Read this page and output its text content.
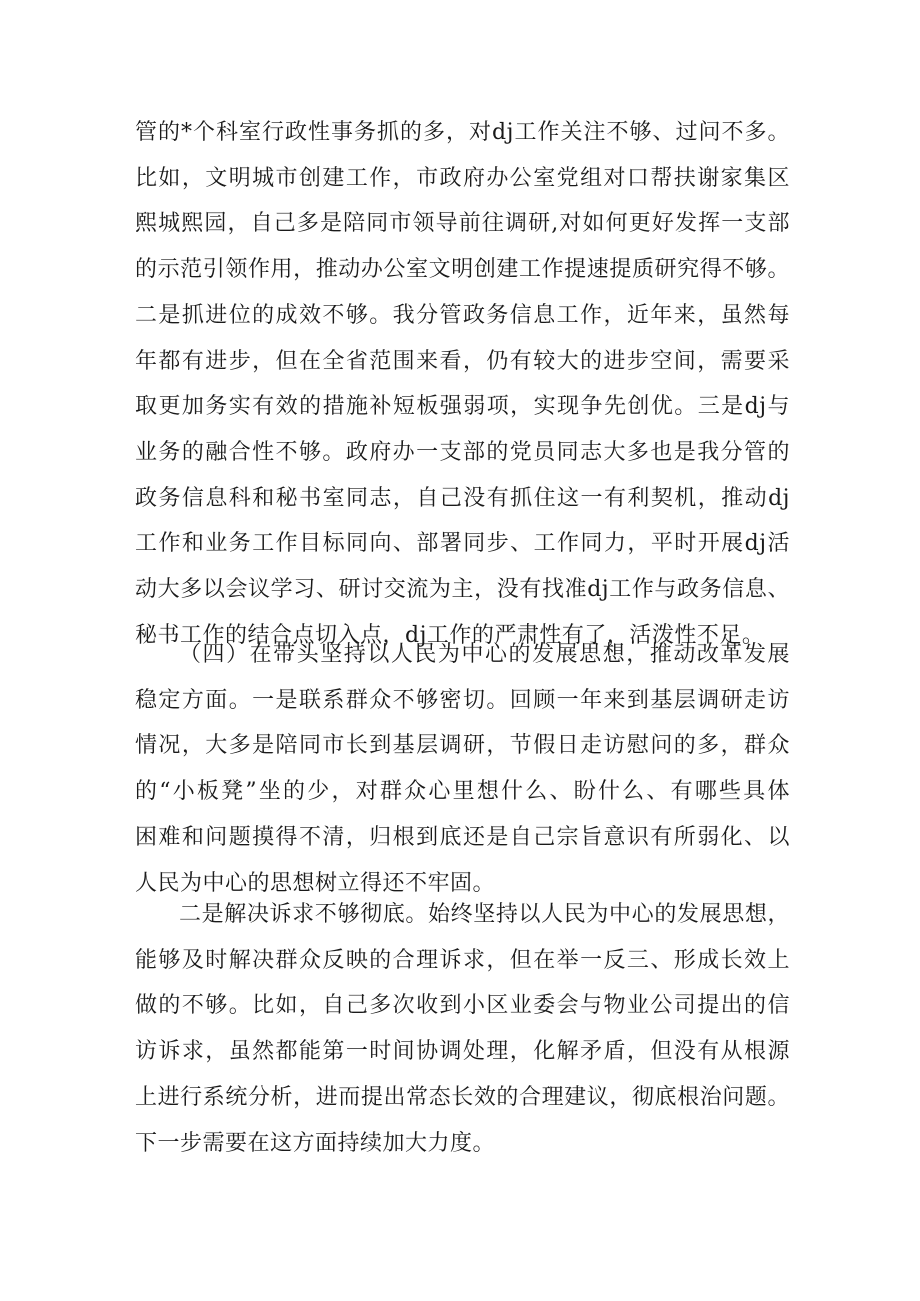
管的*个科室行政性事务抓的多，对dj工作关注不够、过问不多。
比如，文明城市创建工作，市政府办公室党组对口帮扶谢家集区
熙城熙园，自己多是陪同市领导前往调研,对如何更好发挥一支部
的示范引领作用，推动办公室文明创建工作提速提质研究得不够。
二是抓进位的成效不够。我分管政务信息工作，近年来，虽然每
年都有进步，但在全省范围来看，仍有较大的进步空间，需要采
取更加务实有效的措施补短板强弱项，实现争先创优。三是dj与
业务的融合性不够。政府办一支部的党员同志大多也是我分管的
政务信息科和秘书室同志，自己没有抓住这一有利契机，推动dj
工作和业务工作目标同向、部署同步、工作同力，平时开展dj活
动大多以会议学习、研讨交流为主，没有找准dj工作与政务信息、
秘书工作的结合点切入点，dj工作的严肃性有了，活泼性不足。
（四）在带头坚持以人民为中心的发展思想，推动改革发展
稳定方面。一是联系群众不够密切。回顾一年来到基层调研走访
情况，大多是陪同市长到基层调研，节假日走访慰问的多，群众
的“小板凳”坐的少，对群众心里想什么、盼什么、有哪些具体
困难和问题摸得不清，归根到底还是自己宗旨意识有所弱化、以
人民为中心的思想树立得还不牢固。
二是解决诉求不够彻底。始终坚持以人民为中心的发展思想，
能够及时解决群众反映的合理诉求，但在举一反三、形成长效上
做的不够。比如，自己多次收到小区业委会与物业公司提出的信
访诉求，虽然都能第一时间协调处理，化解矛盾，但没有从根源
上进行系统分析，进而提出常态长效的合理建议，彻底根治问题。
下一步需要在这方面持续加大力度。
